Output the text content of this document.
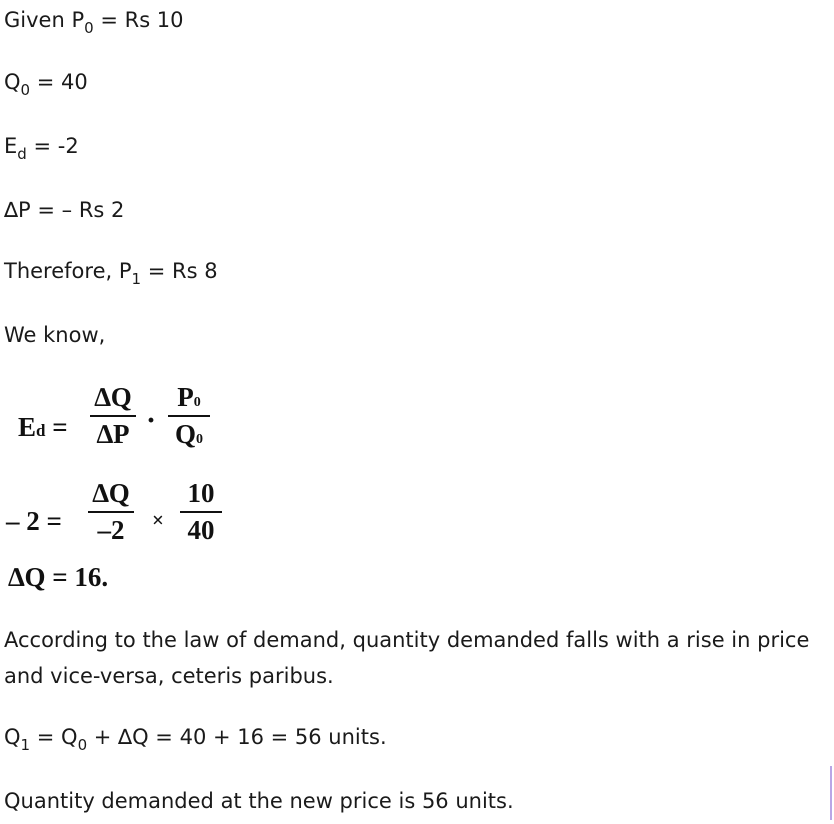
Given $P_0 = Rs$ 10
$Q_0 = 40$
$E_d = -2$
∆P = – Rs 2
Therefore, $P_1 = Rs$ 8
We know,
Ed =
∆Q
∆P ·
P0
Q0
– 2 =
∆Q
–2	×
10
40
∆Q = 16.
According to the law of demand, quantity demanded falls with a rise in price and vice-versa, ceteris paribus.
$Q_1 = Q_0 + \Delta Q = 40 + 16 = 56$ units.
Quantity demanded at the new price is 56 units.
